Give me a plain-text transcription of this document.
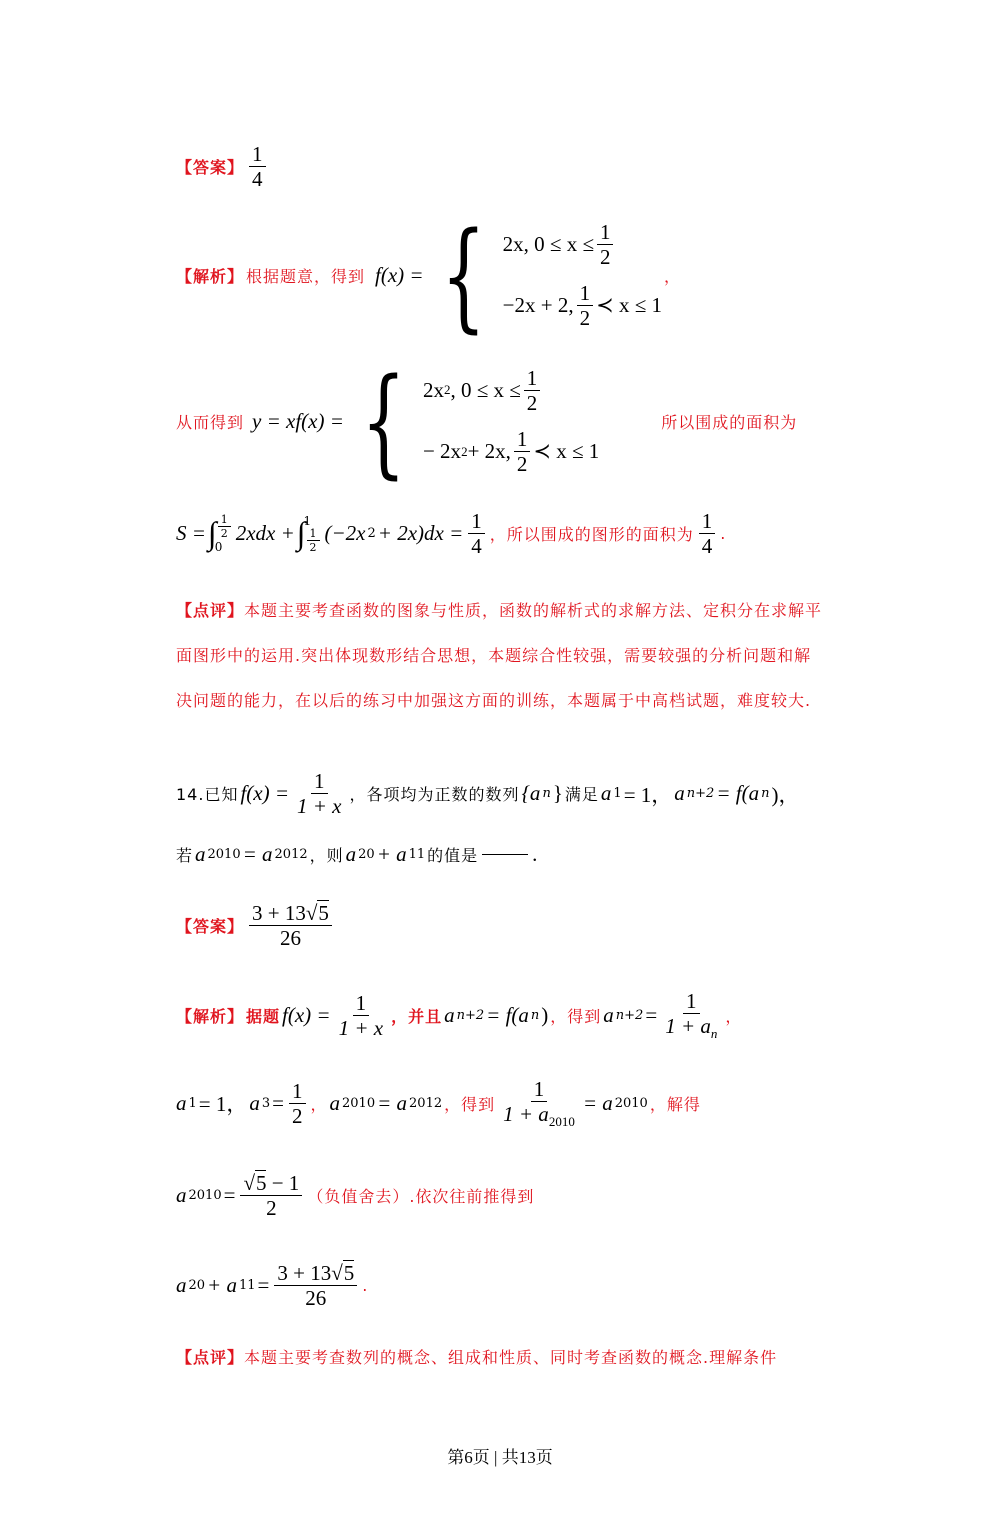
【答案】 $\frac{1}{4}$
【解析】 根据题意，得到 f(x) = { 2x, $0 \le x \le \frac{1}{2}$
−2x + 2, $\frac{1}{2}$ ≺ x ≤ 1
，
从而得到 y = xf(x) = { 2x 2 , $0 \le x \le \frac{1}{2}$
− 2x 2 + 2x, $\frac{1}{2}$ ≺ x ≤ 1
所以围成的面积为
S = ∫ $\frac{1}{2}$
0
2xdx + ∫
1
$\frac{1}{2} (-2x$ $2 + 2x)dx = \frac{1}{4}$ ，所以围成的图形的面积为 $\frac{1}{4}$ .
【点评】本题主要考查函数的图象与性质，函数的解析式的求解方法、定积分在求解平面图形中的运用.突出体现数形结合思想，本题综合性较强，需要较强的分析问题和解决问题的能力，在以后的练习中加强这方面的训练，本题属于中高档试题，难度较大.
14.已知 $f(x) = \frac{1}{1 + x}$ ，各项均为正数的数列 {a n } 满足 a 1 = 1， a n+2 = f(a n )，
若 a 2010 = a 2012 ，则 a 20 + a 11 的值是	.
【答案】 $\frac{3 + 13√5}{26}$
【解析】 据题 $f(x) = \frac{1}{1 + x}$ ，并且 a n+2 = f(a n ) ，得到 a $n+2 = \frac{1}{1 + a_n}$ ，
a 1 = 1， a $3 = \frac{1}{2}$ ， a 2010 = a 2012 ，得到 $\frac{1}{1 + a_{2010}} = a$ 2010 ，解得
a $2010 = \frac{√5 - 1}{2}$ （负值舍去）.依次往前推得到
a 20 + a $11 = \frac{3 + 13√5}{26}$ .
【点评】本题主要考查数列的概念、组成和性质、同时考查函数的概念.理解条件
第6页 | 共13页
